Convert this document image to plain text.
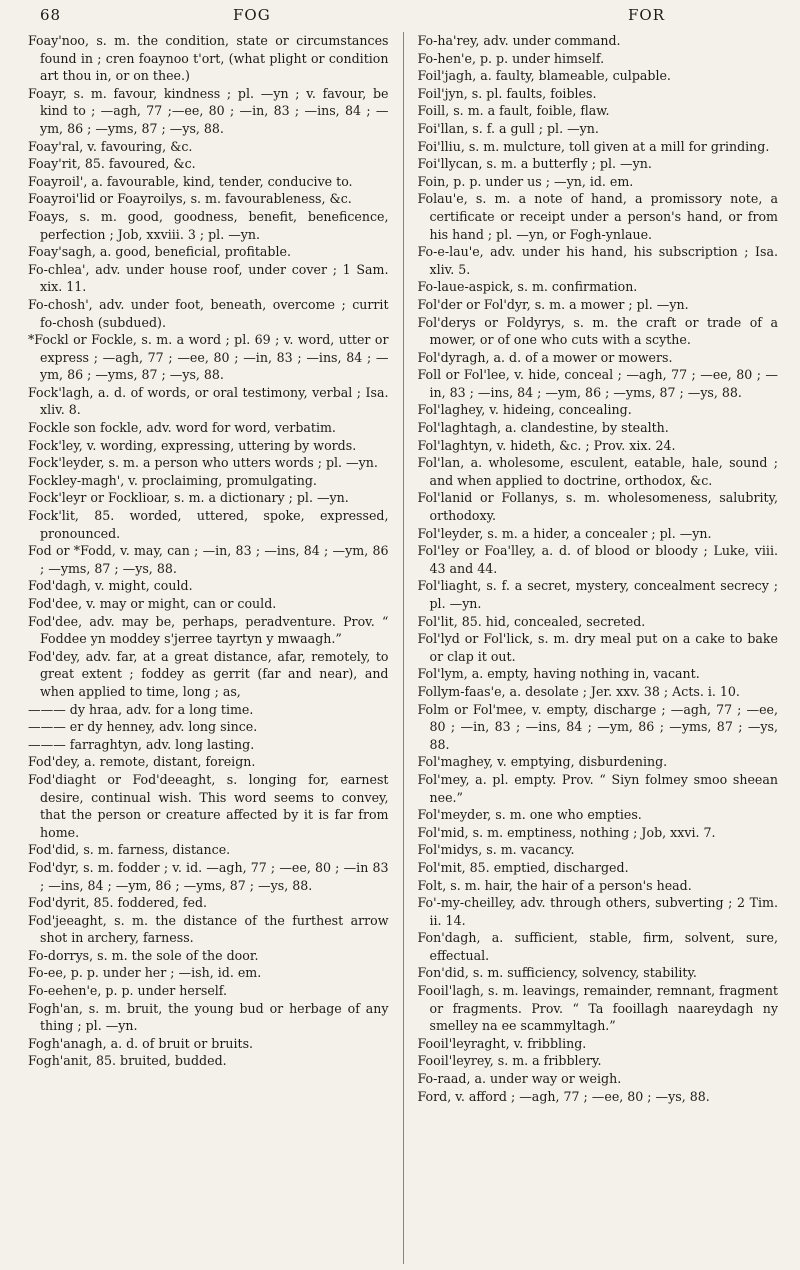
68	FOG	FOR

Foay'noo, s. m. the condition, state or circumstances found in ; cren foaynoo t'ort, (what plight or condition art thou in, or on thee.)

Foayr, s. m. favour, kindness ; pl. —yn ; v. favour, be kind to ; —agh, 77 ;—ee, 80 ; —in, 83 ; —ins, 84 ; —ym, 86 ; —yms, 87 ; —ys, 88.

Foay'ral, v. favouring, &c.

Foay'rit, 85. favoured, &c.

Foayroil', a. favourable, kind, tender, conducive to.

Foayroi'lid or Foayroilys, s. m. favourableness, &c.

Foays, s. m. good, goodness, benefit, beneficence, perfection ; Job, xxviii. 3 ; pl. —yn.

Foay'sagh, a. good, beneficial, profitable.

Fo-chlea', adv. under house roof, under cover ; 1 Sam. xix. 11.

Fo-chosh', adv. under foot, beneath, overcome ; currit fo-chosh (subdued).

*Fockl or Fockle, s. m. a word ; pl. 69 ; v. word, utter or express ; —agh, 77 ; —ee, 80 ; —in, 83 ; —ins, 84 ; —ym, 86 ; —yms, 87 ; —ys, 88.

Fock'lagh, a. d. of words, or oral testimony, verbal ; Isa. xliv. 8.

Fockle son fockle, adv. word for word, verbatim.

Fock'ley, v. wording, expressing, uttering by words.

Fock'leyder, s. m. a person who utters words ; pl. —yn.

Fockley-magh', v. proclaiming, promulgating.

Fock'leyr or Focklioar, s. m. a dictionary ; pl. —yn.

Fock'lit, 85. worded, uttered, spoke, expressed, pronounced.

Fod or *Fodd, v. may, can ; —in, 83 ; —ins, 84 ; —ym, 86 ; —yms, 87 ; —ys, 88.

Fod'dagh, v. might, could.

Fod'dee, v. may or might, can or could.

Fod'dee, adv. may be, perhaps, peradventure. Prov. “ Foddee yn moddey s'jerree tayrtyn y mwaagh.”

Fod'dey, adv. far, at a great distance, afar, remotely, to great extent ; foddey as gerrit (far and near), and when applied to time, long ; as,

——— dy hraa, adv. for a long time.

——— er dy henney, adv. long since.

——— farraghtyn, adv. long lasting.

Fod'dey, a. remote, distant, foreign.

Fod'diaght or Fod'deeaght, s. longing for, earnest desire, continual wish. This word seems to convey, that the person or creature affected by it is far from home.

Fod'did, s. m. farness, distance.

Fod'dyr, s. m. fodder ; v. id. —agh, 77 ; —ee, 80 ; —in 83 ; —ins, 84 ; —ym, 86 ; —yms, 87 ; —ys, 88.

Fod'dyrit, 85. foddered, fed.

Fod'jeeaght, s. m. the distance of the furthest arrow shot in archery, farness.

Fo-dorrys, s. m. the sole of the door.

Fo-ee, p. p. under her ; —ish, id. em.

Fo-eehen'e, p. p. under herself.

Fogh'an, s. m. bruit, the young bud or herbage of any thing ; pl. —yn.

Fogh'anagh, a. d. of bruit or bruits.

Fogh'anit, 85. bruited, budded.

Fo-ha'rey, adv. under command.

Fo-hen'e, p. p. under himself.

Foil'jagh, a. faulty, blameable, culpable.

Foil'jyn, s. pl. faults, foibles.

Foill, s. m. a fault, foible, flaw.

Foi'llan, s. f. a gull ; pl. —yn.

Foi'lliu, s. m. mulcture, toll given at a mill for grinding.

Foi'llycan, s. m. a butterfly ; pl. —yn.

Foin, p. p. under us ; —yn, id. em.

Folau'e, s. m. a note of hand, a promissory note, a certificate or receipt under a person's hand, or from his hand ; pl. —yn, or Fogh-ynlaue.

Fo-e-lau'e, adv. under his hand, his subscription ; Isa. xliv. 5.

Fo-laue-aspick, s. m. confirmation.

Fol'der or Fol'dyr, s. m. a mower ; pl. —yn.

Fol'derys or Foldyrys, s. m. the craft or trade of a mower, or of one who cuts with a scythe.

Fol'dyragh, a. d. of a mower or mowers.

Foll or Fol'lee, v. hide, conceal ; —agh, 77 ; —ee, 80 ; —in, 83 ; —ins, 84 ; —ym, 86 ; —yms, 87 ; —ys, 88.

Fol'laghey, v. hideing, concealing.

Fol'laghtagh, a. clandestine, by stealth.

Fol'laghtyn, v. hideth, &c. ; Prov. xix. 24.

Fol'lan, a. wholesome, esculent, eatable, hale, sound ; and when applied to doctrine, orthodox, &c.

Fol'lanid or Follanys, s. m. wholesomeness, salubrity, orthodoxy.

Fol'leyder, s. m. a hider, a concealer ; pl. —yn.

Fol'ley or Foa'lley, a. d. of blood or bloody ; Luke, viii. 43 and 44.

Fol'liaght, s. f. a secret, mystery, concealment secrecy ; pl. —yn.

Fol'lit, 85. hid, concealed, secreted.

Fol'lyd or Fol'lick, s. m. dry meal put on a cake to bake or clap it out.

Fol'lym, a. empty, having nothing in, vacant.

Follym-faas'e, a. desolate ; Jer. xxv. 38 ; Acts. i. 10.

Folm or Fol'mee, v. empty, discharge ; —agh, 77 ; —ee, 80 ; —in, 83 ; —ins, 84 ; —ym, 86 ; —yms, 87 ; —ys, 88.

Fol'maghey, v. emptying, disburdening.

Fol'mey, a. pl. empty. Prov. “ Siyn folmey smoo sheean nee.”

Fol'meyder, s. m. one who empties.

Fol'mid, s. m. emptiness, nothing ; Job, xxvi. 7.

Fol'midys, s. m. vacancy.

Fol'mit, 85. emptied, discharged.

Folt, s. m. hair, the hair of a person's head.

Fo'-my-cheilley, adv. through others, subverting ; 2 Tim. ii. 14.

Fon'dagh, a. sufficient, stable, firm, solvent, sure, effectual.

Fon'did, s. m. sufficiency, solvency, stability.

Fooil'lagh, s. m. leavings, remainder, remnant, fragment or fragments. Prov. “ Ta fooillagh naareydagh ny smelley na ee scammyltagh.”

Fooil'leyraght, v. fribbling.

Fooil'leyrey, s. m. a fribblery.

Fo-raad, a. under way or weigh.

Ford, v. afford ; —agh, 77 ; —ee, 80 ; —ys, 88.
